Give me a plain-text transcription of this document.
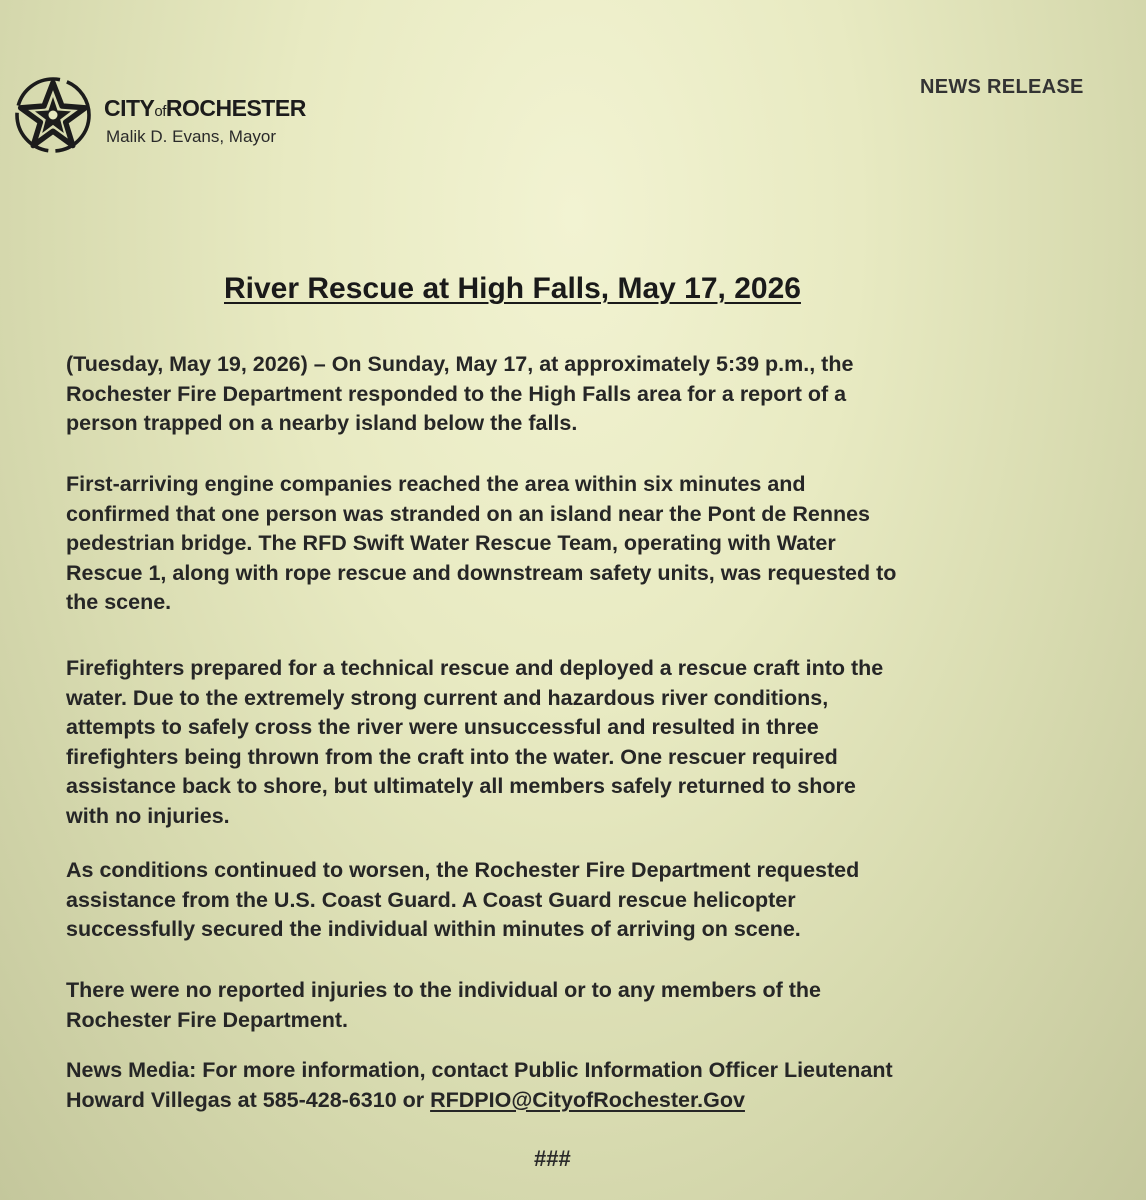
CITYofROCHESTER
Malik D. Evans, Mayor
NEWS RELEASE
River Rescue at High Falls, May 17, 2026

(Tuesday, May 19, 2026) – On Sunday, May 17, at approximately 5:39 p.m., the
Rochester Fire Department responded to the High Falls area for a report of a
person trapped on a nearby island below the falls.

First-arriving engine companies reached the area within six minutes and
confirmed that one person was stranded on an island near the Pont de Rennes
pedestrian bridge. The RFD Swift Water Rescue Team, operating with Water
Rescue 1, along with rope rescue and downstream safety units, was requested to
the scene.

Firefighters prepared for a technical rescue and deployed a rescue craft into the
water. Due to the extremely strong current and hazardous river conditions,
attempts to safely cross the river were unsuccessful and resulted in three
firefighters being thrown from the craft into the water. One rescuer required
assistance back to shore, but ultimately all members safely returned to shore
with no injuries.

As conditions continued to worsen, the Rochester Fire Department requested
assistance from the U.S. Coast Guard. A Coast Guard rescue helicopter
successfully secured the individual within minutes of arriving on scene.

There were no reported injuries to the individual or to any members of the
Rochester Fire Department.

News Media: For more information, contact Public Information Officer Lieutenant
Howard Villegas at 585-428-6310 or RFDPIO@CityofRochester.Gov

###
